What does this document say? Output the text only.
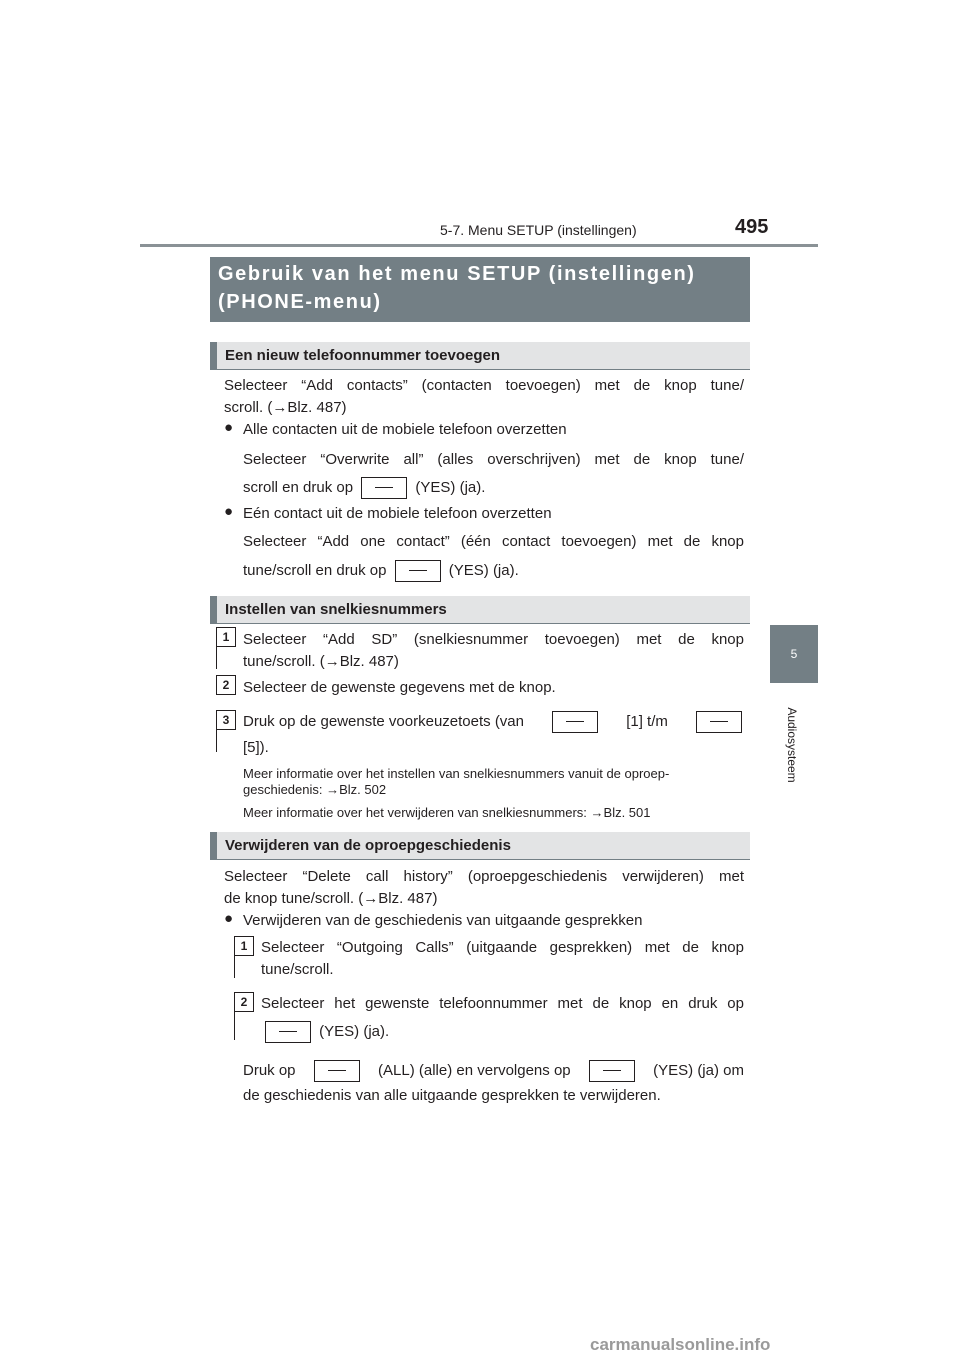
5-7. Menu SETUP (instellingen)	495
5
Audiosysteem
Gebruik van het menu SETUP (instellingen)
(PHONE-menu)
Een nieuw telefoonnummer toevoegen
Selecteer “Add contacts” (contacten toevoegen) met de knop tune/
scroll. (→Blz. 487)
● Alle contacten uit de mobiele telefoon overzetten
Selecteer “Overwrite all” (alles overschrijven) met de knop tune/
scroll en druk op	(YES) (ja).
● Eén contact uit de mobiele telefoon overzetten
Selecteer “Add one contact” (één contact toevoegen) met de knop
tune/scroll en druk op	(YES) (ja).
Instellen van snelkiesnummers
1 Selecteer “Add SD” (snelkiesnummer toevoegen) met de knop
tune/scroll. (→Blz. 487)
2 Selecteer de gewenste gegevens met de knop.
3 Druk op de gewenste voorkeuzetoets (van	[1] t/m
[5]).
Meer informatie over het instellen van snelkiesnummers vanuit de oproep-
geschiedenis: →Blz. 502
Meer informatie over het verwijderen van snelkiesnummers: →Blz. 501
Verwijderen van de oproepgeschiedenis
Selecteer “Delete call history” (oproepgeschiedenis verwijderen) met
de knop tune/scroll. (→Blz. 487)
● Verwijderen van de geschiedenis van uitgaande gesprekken
1 Selecteer “Outgoing Calls” (uitgaande gesprekken) met de knop
tune/scroll.
2 Selecteer het gewenste telefoonnummer met de knop en druk op
(YES) (ja).
Druk op	(ALL) (alle) en vervolgens op	(YES) (ja) om
de geschiedenis van alle uitgaande gesprekken te verwijderen.
carmanualsonline.info
